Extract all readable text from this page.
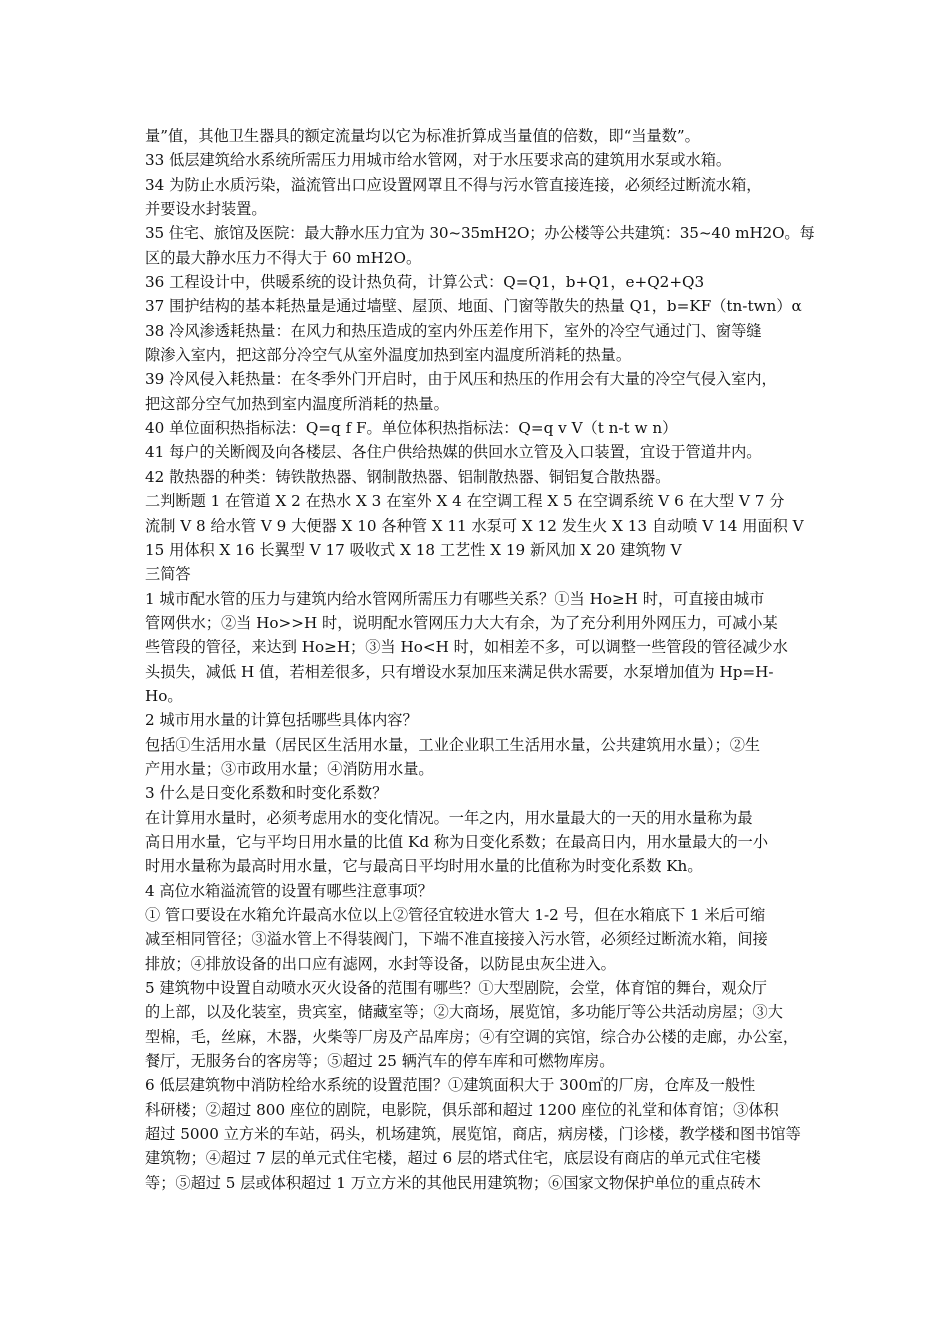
量”值，其他卫生器具的额定流量均以它为标准折算成当量值的倍数，即“当量数”。
33 低层建筑给水系统所需压力用城市给水管网，对于水压要求高的建筑用水泵或水箱。
34 为防止水质污染，溢流管出口应设置网罩且不得与污水管直接连接，必须经过断流水箱，
并要设水封装置。
35 住宅、旅馆及医院：最大静水压力宜为 30~35mH2O；办公楼等公共建筑：35~40 mH2O。每
区的最大静水压力不得大于 60 mH2O。
36 工程设计中，供暖系统的设计热负荷，计算公式：Q=Q1，b+Q1，e+Q2+Q3
37 围护结构的基本耗热量是通过墙壁、屋顶、地面、门窗等散失的热量 Q1，b=KF（tn-twn）α
38 冷风渗透耗热量：在风力和热压造成的室内外压差作用下，室外的冷空气通过门、窗等缝
隙渗入室内，把这部分冷空气从室外温度加热到室内温度所消耗的热量。
39 冷风侵入耗热量：在冬季外门开启时，由于风压和热压的作用会有大量的冷空气侵入室内，
把这部分空气加热到室内温度所消耗的热量。
40 单位面积热指标法：Q=q f F。单位体积热指标法：Q=q v V（t n-t w n）
41 每户的关断阀及向各楼层、各住户供给热媒的供回水立管及入口装置，宜设于管道井内。
42 散热器的种类：铸铁散热器、钢制散热器、铝制散热器、铜铝复合散热器。
二判断题 1 在管道 X 2 在热水 X 3 在室外 X 4 在空调工程 X 5 在空调系统 V 6 在大型 V 7 分
流制 V 8 给水管 V 9 大便器 X 10 各种管 X 11 水泵可 X 12 发生火 X 13 自动喷 V 14 用面积 V
15 用体积 X 16 长翼型 V 17 吸收式 X 18 工艺性 X 19 新风加 X 20 建筑物 V
三简答
1 城市配水管的压力与建筑内给水管网所需压力有哪些关系？①当 Ho≥H 时，可直接由城市
管网供水；②当 Ho>>H 时，说明配水管网压力大大有余，为了充分利用外网压力，可减小某
些管段的管径，来达到 Ho≥H；③当 Ho<H 时，如相差不多，可以调整一些管段的管径减少水
头损失，减低 H 值，若相差很多，只有增设水泵加压来满足供水需要，水泵增加值为 Hp=H-
Ho。
2 城市用水量的计算包括哪些具体内容？
包括①生活用水量（居民区生活用水量，工业企业职工生活用水量，公共建筑用水量）；②生
产用水量；③市政用水量；④消防用水量。
3 什么是日变化系数和时变化系数？
在计算用水量时，必须考虑用水的变化情况。一年之内，用水量最大的一天的用水量称为最
高日用水量，它与平均日用水量的比值 Kd 称为日变化系数；在最高日内，用水量最大的一小
时用水量称为最高时用水量，它与最高日平均时用水量的比值称为时变化系数 Kh。
4 高位水箱溢流管的设置有哪些注意事项？
① 管口要设在水箱允许最高水位以上②管径宜较进水管大 1-2 号，但在水箱底下 1 米后可缩
减至相同管径；③溢水管上不得装阀门，下端不准直接接入污水管，必须经过断流水箱，间接
排放；④排放设备的出口应有滤网，水封等设备，以防昆虫灰尘进入。
5 建筑物中设置自动喷水灭火设备的范围有哪些？①大型剧院，会堂，体育馆的舞台，观众厅
的上部，以及化装室，贵宾室，储藏室等；②大商场，展览馆，多功能厅等公共活动房屋；③大
型棉，毛，丝麻，木器，火柴等厂房及产品库房；④有空调的宾馆，综合办公楼的走廊，办公室，
餐厅，无服务台的客房等；⑤超过 25 辆汽车的停车库和可燃物库房。
6 低层建筑物中消防栓给水系统的设置范围？①建筑面积大于 300㎡的厂房，仓库及一般性
科研楼；②超过 800 座位的剧院，电影院，俱乐部和超过 1200 座位的礼堂和体育馆；③体积
超过 5000 立方米的车站，码头，机场建筑，展览馆，商店，病房楼，门诊楼，教学楼和图书馆等
建筑物；④超过 7 层的单元式住宅楼，超过 6 层的塔式住宅，底层设有商店的单元式住宅楼
等；⑤超过 5 层或体积超过 1 万立方米的其他民用建筑物；⑥国家文物保护单位的重点砖木
